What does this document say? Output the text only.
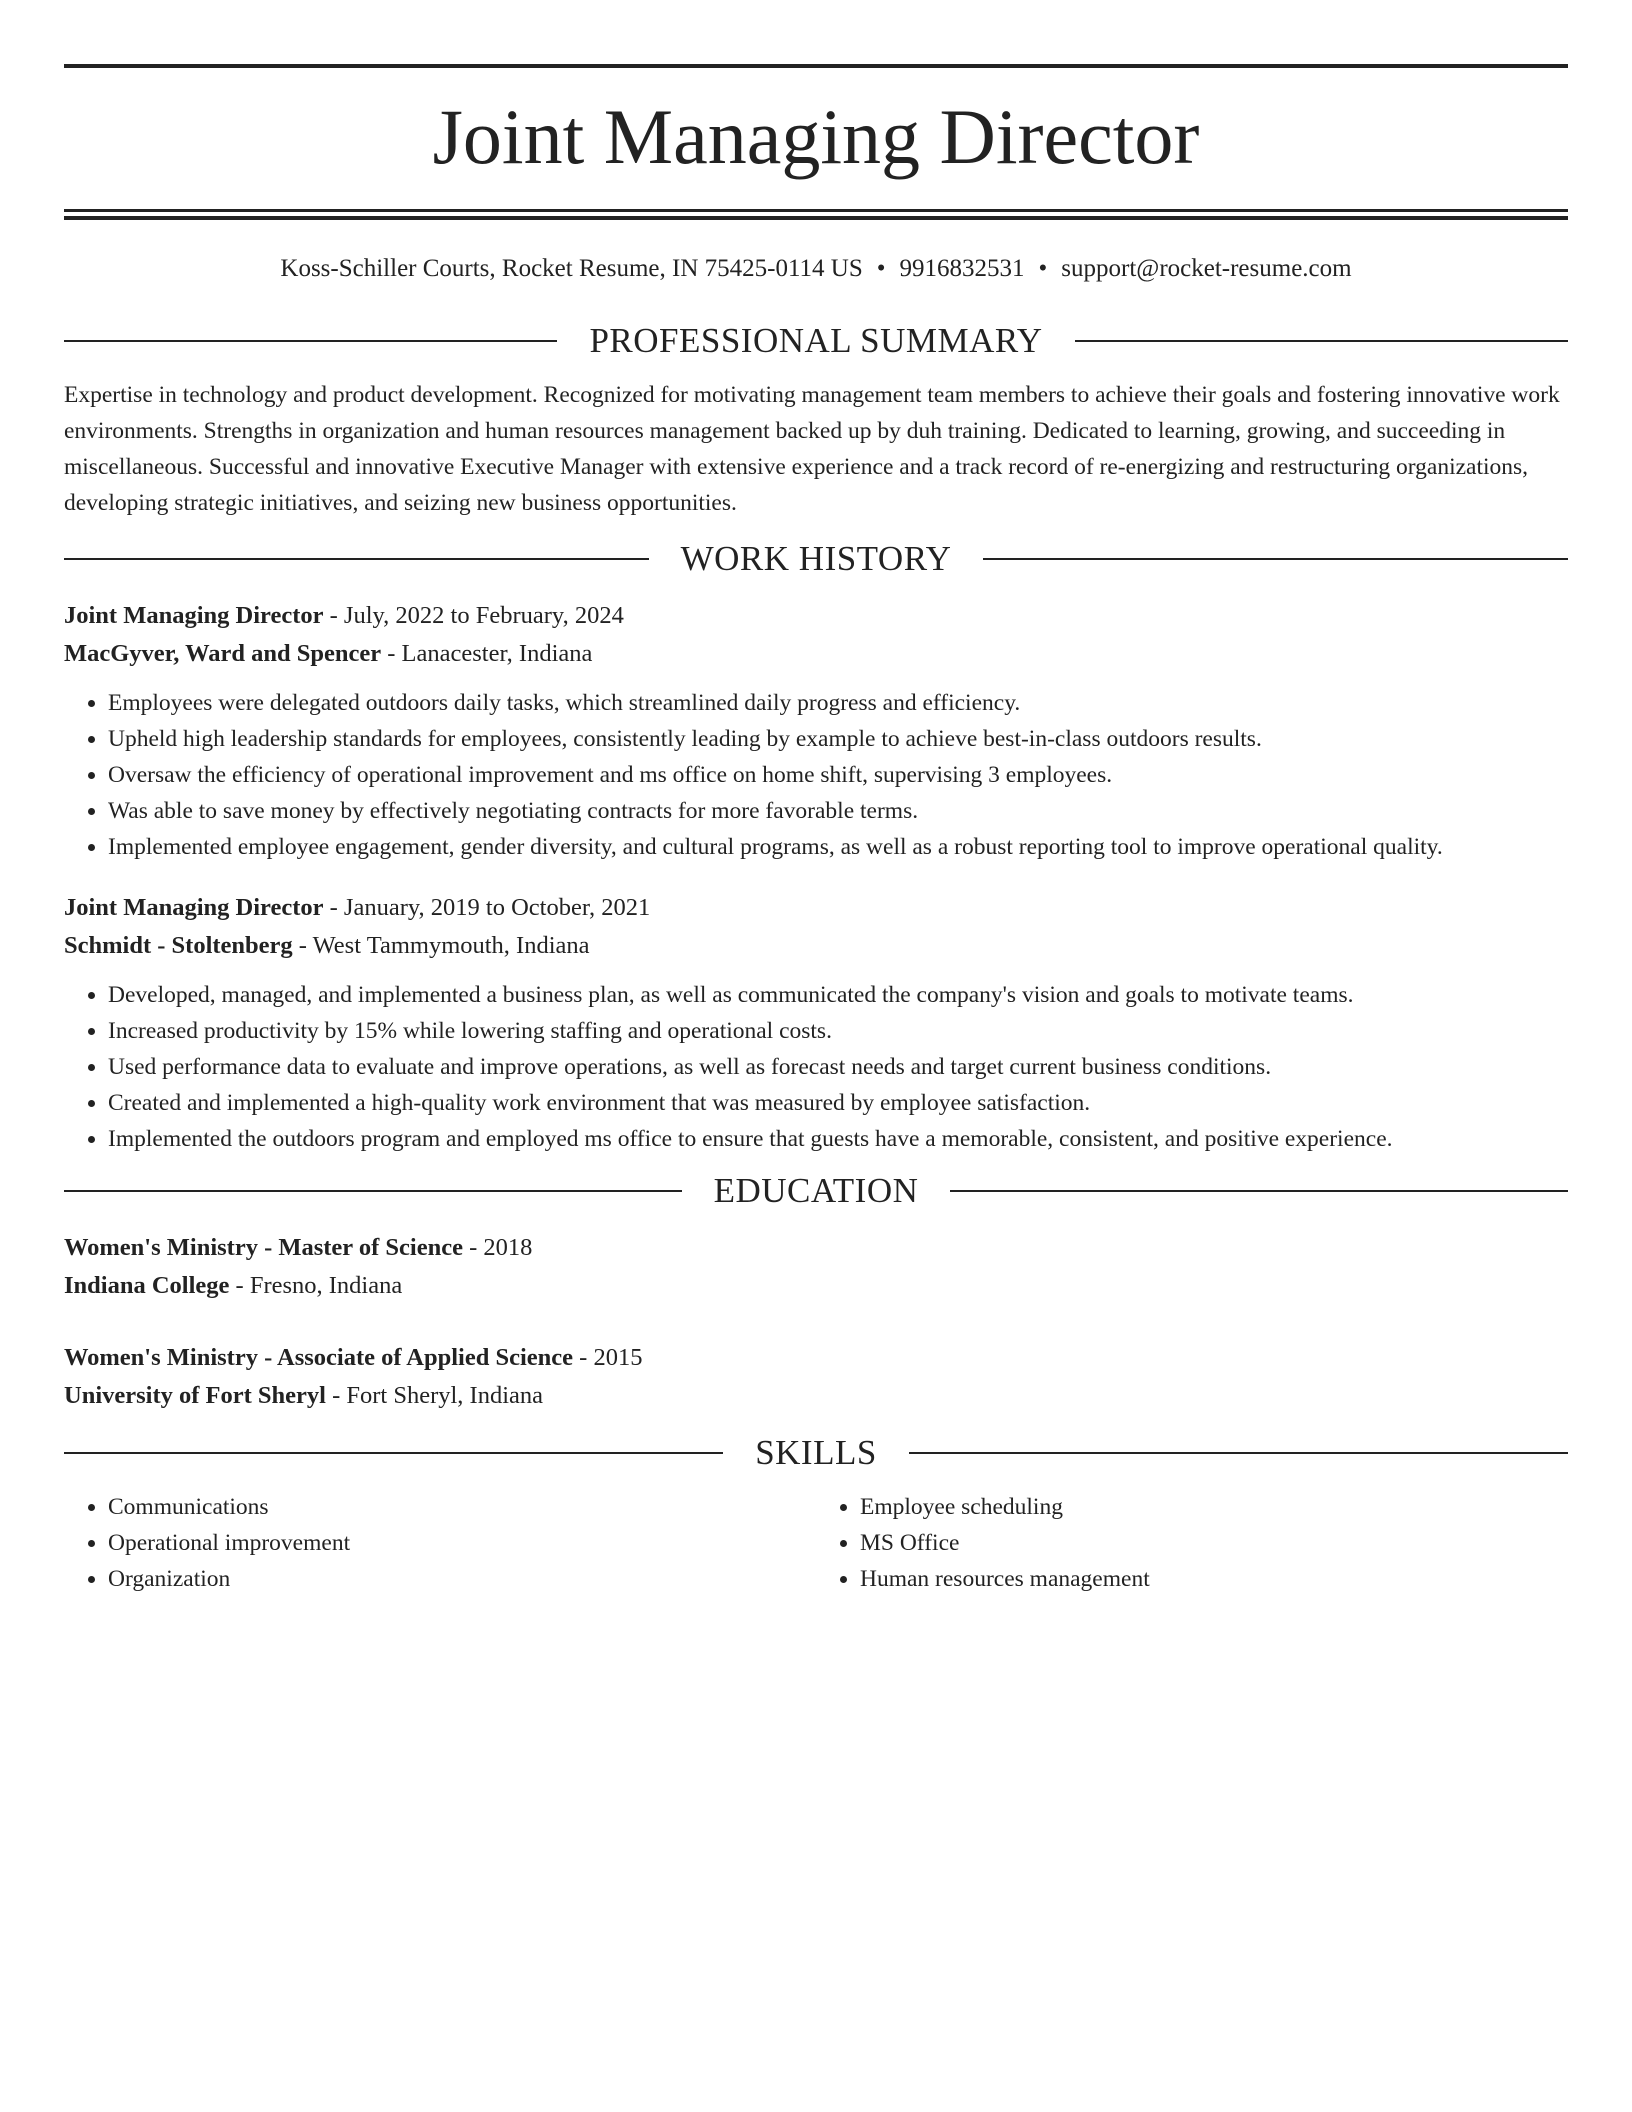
Joint Managing Director
Koss-Schiller Courts, Rocket Resume, IN 75425-0114 US • 9916832531 • support@rocket-resume.com
PROFESSIONAL SUMMARY
Expertise in technology and product development. Recognized for motivating management team members to achieve their goals and fostering innovative work environments. Strengths in organization and human resources management backed up by duh training. Dedicated to learning, growing, and succeeding in miscellaneous. Successful and innovative Executive Manager with extensive experience and a track record of re-energizing and restructuring organizations, developing strategic initiatives, and seizing new business opportunities.
WORK HISTORY
Joint Managing Director - July, 2022 to February, 2024
MacGyver, Ward and Spencer - Lanacester, Indiana
• Employees were delegated outdoors daily tasks, which streamlined daily progress and efficiency.
• Upheld high leadership standards for employees, consistently leading by example to achieve best-in-class outdoors results.
• Oversaw the efficiency of operational improvement and ms office on home shift, supervising 3 employees.
• Was able to save money by effectively negotiating contracts for more favorable terms.
• Implemented employee engagement, gender diversity, and cultural programs, as well as a robust reporting tool to improve operational quality.
Joint Managing Director - January, 2019 to October, 2021
Schmidt - Stoltenberg - West Tammymouth, Indiana
• Developed, managed, and implemented a business plan, as well as communicated the company's vision and goals to motivate teams.
• Increased productivity by 15% while lowering staffing and operational costs.
• Used performance data to evaluate and improve operations, as well as forecast needs and target current business conditions.
• Created and implemented a high-quality work environment that was measured by employee satisfaction.
• Implemented the outdoors program and employed ms office to ensure that guests have a memorable, consistent, and positive experience.
EDUCATION
Women's Ministry - Master of Science - 2018
Indiana College - Fresno, Indiana
Women's Ministry - Associate of Applied Science - 2015
University of Fort Sheryl - Fort Sheryl, Indiana
SKILLS
• Communications
• Operational improvement
• Organization
• Employee scheduling
• MS Office
• Human resources management
